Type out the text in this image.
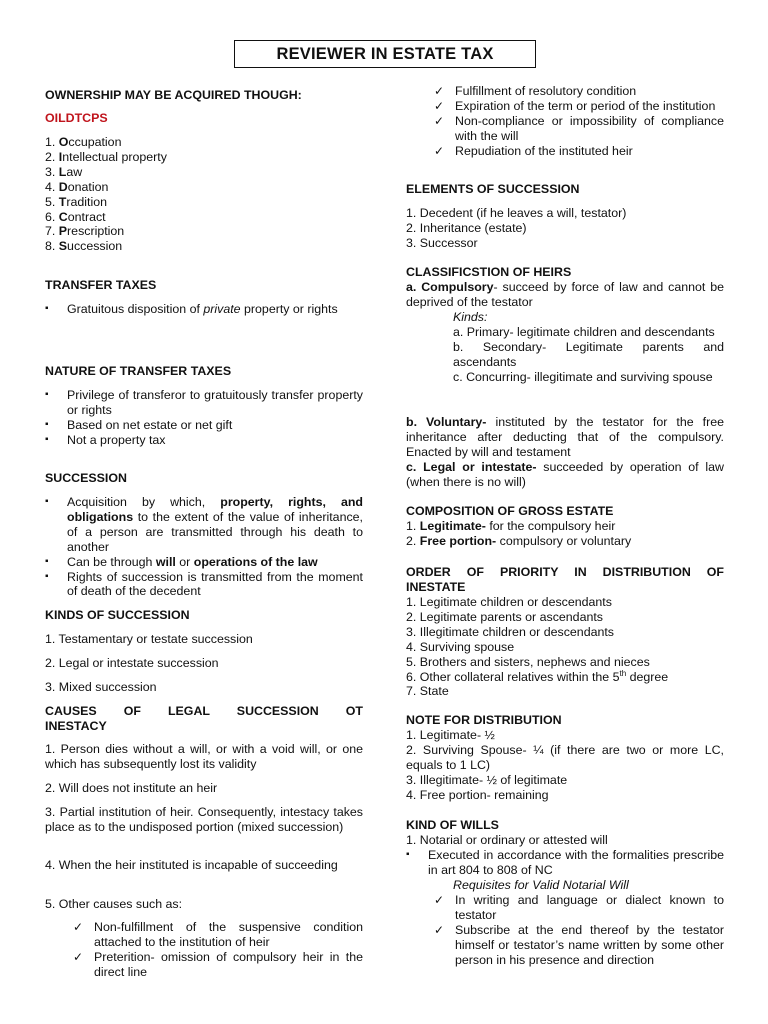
REVIEWER IN ESTATE TAX
OWNERSHIP MAY BE ACQUIRED THOUGH:
OILDTCPS
1. Occupation
2. Intellectual property
3. Law
4. Donation
5. Tradition
6. Contract
7. Prescription
8. Succession
TRANSFER TAXES
▪ Gratuitous disposition of private property or rights
NATURE OF TRANSFER TAXES
▪ Privilege of transferor to gratuitously transfer property or rights
▪ Based on net estate or net gift
▪ Not a property tax
SUCCESSION
▪ Acquisition by which, property, rights, and obligations to the extent of the value of inheritance, of a person are transmitted through his death to another
▪ Can be through will or operations of the law
▪ Rights of succession is transmitted from the moment of death of the decedent
KINDS OF SUCCESSION
1. Testamentary or testate succession
2. Legal or intestate succession
3. Mixed succession
CAUSES OF LEGAL SUCCESSION OT INESTACY
1. Person dies without a will, or with a void will, or one which has subsequently lost its validity
2. Will does not institute an heir
3. Partial institution of heir. Consequently, intestacy takes place as to the undisposed portion (mixed succession)
4. When the heir instituted is incapable of succeeding
5. Other causes such as:
✓ Non-fulfillment of the suspensive condition attached to the institution of heir
✓ Preterition- omission of compulsory heir in the direct line
✓ Fulfillment of resolutory condition
✓ Expiration of the term or period of the institution
✓ Non-compliance or impossibility of compliance with the will
✓ Repudiation of the instituted heir
ELEMENTS OF SUCCESSION
1. Decedent (if he leaves a will, testator)
2. Inheritance (estate)
3. Successor
CLASSIFICSTION OF HEIRS
a. Compulsory- succeed by force of law and cannot be deprived of the testator
Kinds:
a. Primary- legitimate children and descendants
b. Secondary- Legitimate parents and ascendants
c. Concurring- illegitimate and surviving spouse
b. Voluntary- instituted by the testator for the free inheritance after deducting that of the compulsory. Enacted by will and testament
c. Legal or intestate- succeeded by operation of law (when there is no will)
COMPOSITION OF GROSS ESTATE
1. Legitimate- for the compulsory heir
2. Free portion- compulsory or voluntary
ORDER OF PRIORITY IN DISTRIBUTION OF INESTATE
1. Legitimate children or descendants
2. Legitimate parents or ascendants
3. Illegitimate children or descendants
4. Surviving spouse
5. Brothers and sisters, nephews and nieces
6. Other collateral relatives within the 5th degree
7. State
NOTE FOR DISTRIBUTION
1. Legitimate- ½
2. Surviving Spouse- ¼ (if there are two or more LC, equals to 1 LC)
3. Illegitimate- ½ of legitimate
4. Free portion- remaining
KIND OF WILLS
1. Notarial or ordinary or attested will
▪ Executed in accordance with the formalities prescribe in art 804 to 808 of NC
Requisites for Valid Notarial Will
✓ In writing and language or dialect known to testator
✓ Subscribe at the end thereof by the testator himself or testator’s name written by some other person in his presence and direction
